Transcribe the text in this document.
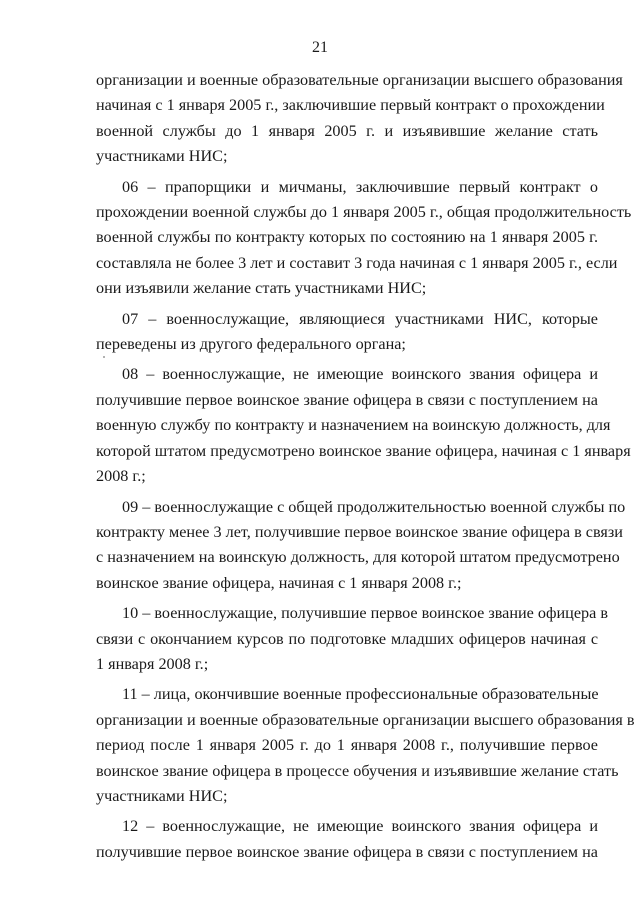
21

организации и военные образовательные организации высшего образования
начиная с 1 января 2005 г., заключившие первый контракт о прохождении
военной службы до 1 января 2005 г. и изъявившие желание стать
участниками НИС;

06 – прапорщики и мичманы, заключившие первый контракт о
прохождении военной службы до 1 января 2005 г., общая продолжительность
военной службы по контракту которых по состоянию на 1 января 2005 г.
составляла не более 3 лет и составит 3 года начиная с 1 января 2005 г., если
они изъявили желание стать участниками НИС;

07 – военнослужащие, являющиеся участниками НИС, которые
переведены из другого федерального органа;

08 – военнослужащие, не имеющие воинского звания офицера и
получившие первое воинское звание офицера в связи с поступлением на
военную службу по контракту и назначением на воинскую должность, для
которой штатом предусмотрено воинское звание офицера, начиная с 1 января
2008 г.;

09 – военнослужащие с общей продолжительностью военной службы по
контракту менее 3 лет, получившие первое воинское звание офицера в связи
с назначением на воинскую должность, для которой штатом предусмотрено
воинское звание офицера, начиная с 1 января 2008 г.;

10 – военнослужащие, получившие первое воинское звание офицера в
связи с окончанием курсов по подготовке младших офицеров начиная с
1 января 2008 г.;

11 – лица, окончившие военные профессиональные образовательные
организации и военные образовательные организации высшего образования в
период после 1 января 2005 г. до 1 января 2008 г., получившие первое
воинское звание офицера в процессе обучения и изъявившие желание стать
участниками НИС;

12 – военнослужащие, не имеющие воинского звания офицера и
получившие первое воинское звание офицера в связи с поступлением на
